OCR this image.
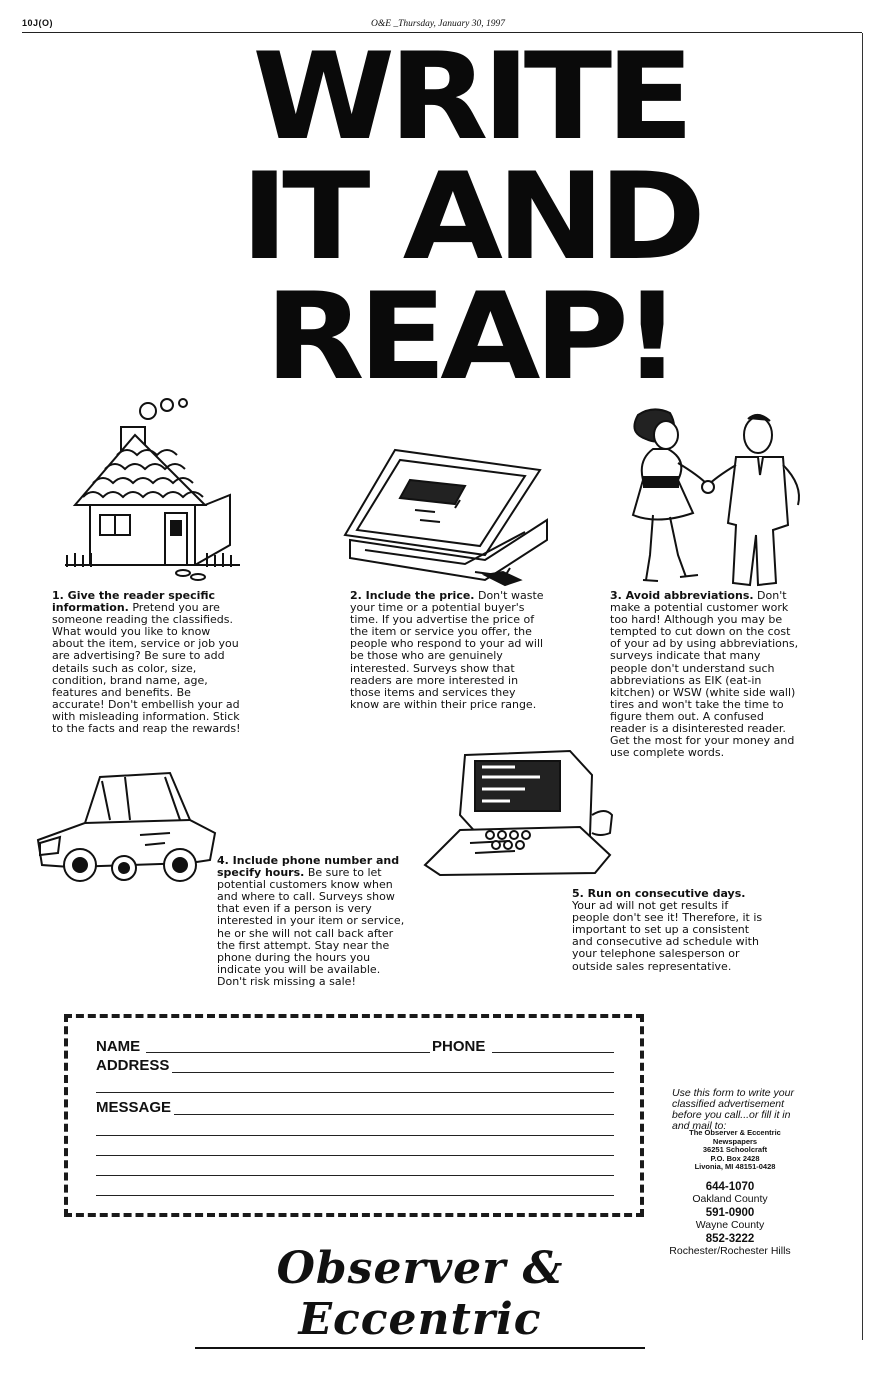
10J(O)	O&E _Thursday, January 30, 1997
WRITE
IT AND
REAP!
1. Give the reader specific information. Pretend you are someone reading the classifieds. What would you like to know about the item, service or job you are advertising? Be sure to add details such as color, size, condition, brand name, age, features and benefits. Be accurate! Don't embellish your ad with misleading information. Stick to the facts and reap the rewards!
2. Include the price. Don't waste your time or a potential buyer's time. If you advertise the price of the item or service you offer, the people who respond to your ad will be those who are genuinely interested. Surveys show that readers are more interested in those items and services they know are within their price range.
3. Avoid abbreviations. Don't make a potential customer work too hard! Although you may be tempted to cut down on the cost of your ad by using abbreviations, surveys indicate that many people don't understand such abbreviations as EIK (eat-in kitchen) or WSW (white side wall) tires and won't take the time to figure them out. A confused reader is a disinterested reader. Get the most for your money and use complete words.
4. Include phone number and specify hours. Be sure to let potential customers know when and where to call. Surveys show that even if a person is very interested in your item or service, he or she will not call back after the first attempt. Stay near the phone during the hours you indicate you will be available. Don't risk missing a sale!
5. Run on consecutive days. Your ad will not get results if people don't see it! Therefore, it is important to set up a consistent and consecutive ad schedule with your telephone salesperson or outside sales representative.
NAME	PHONE
ADDRESS
MESSAGE
Use this form to write your classified advertisement before you call...or fill it in and mail to:
The Observer & Eccentric
Newspapers
36251 Schoolcraft
P.O. Box 2428
Livonia, MI 48151-0428
644-1070
Oakland County
591-0900
Wayne County
852-3222
Rochester/Rochester Hills
Observer & Eccentric
